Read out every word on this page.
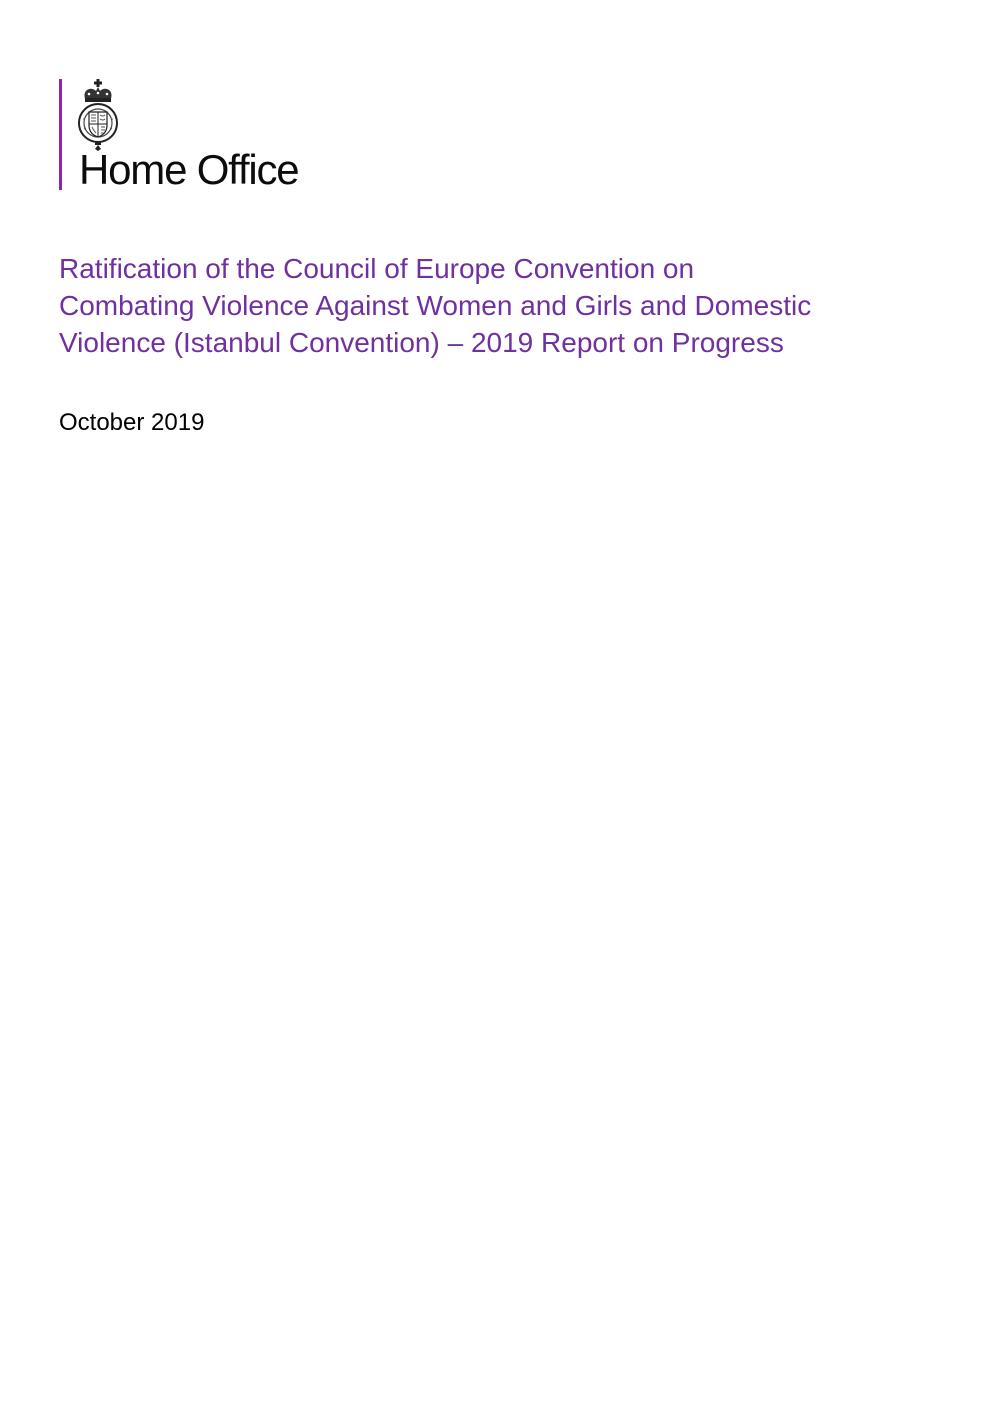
Home Office
Ratification of the Council of Europe Convention on
Combating Violence Against Women and Girls and Domestic
Violence (Istanbul Convention) – 2019 Report on Progress
October 2019
